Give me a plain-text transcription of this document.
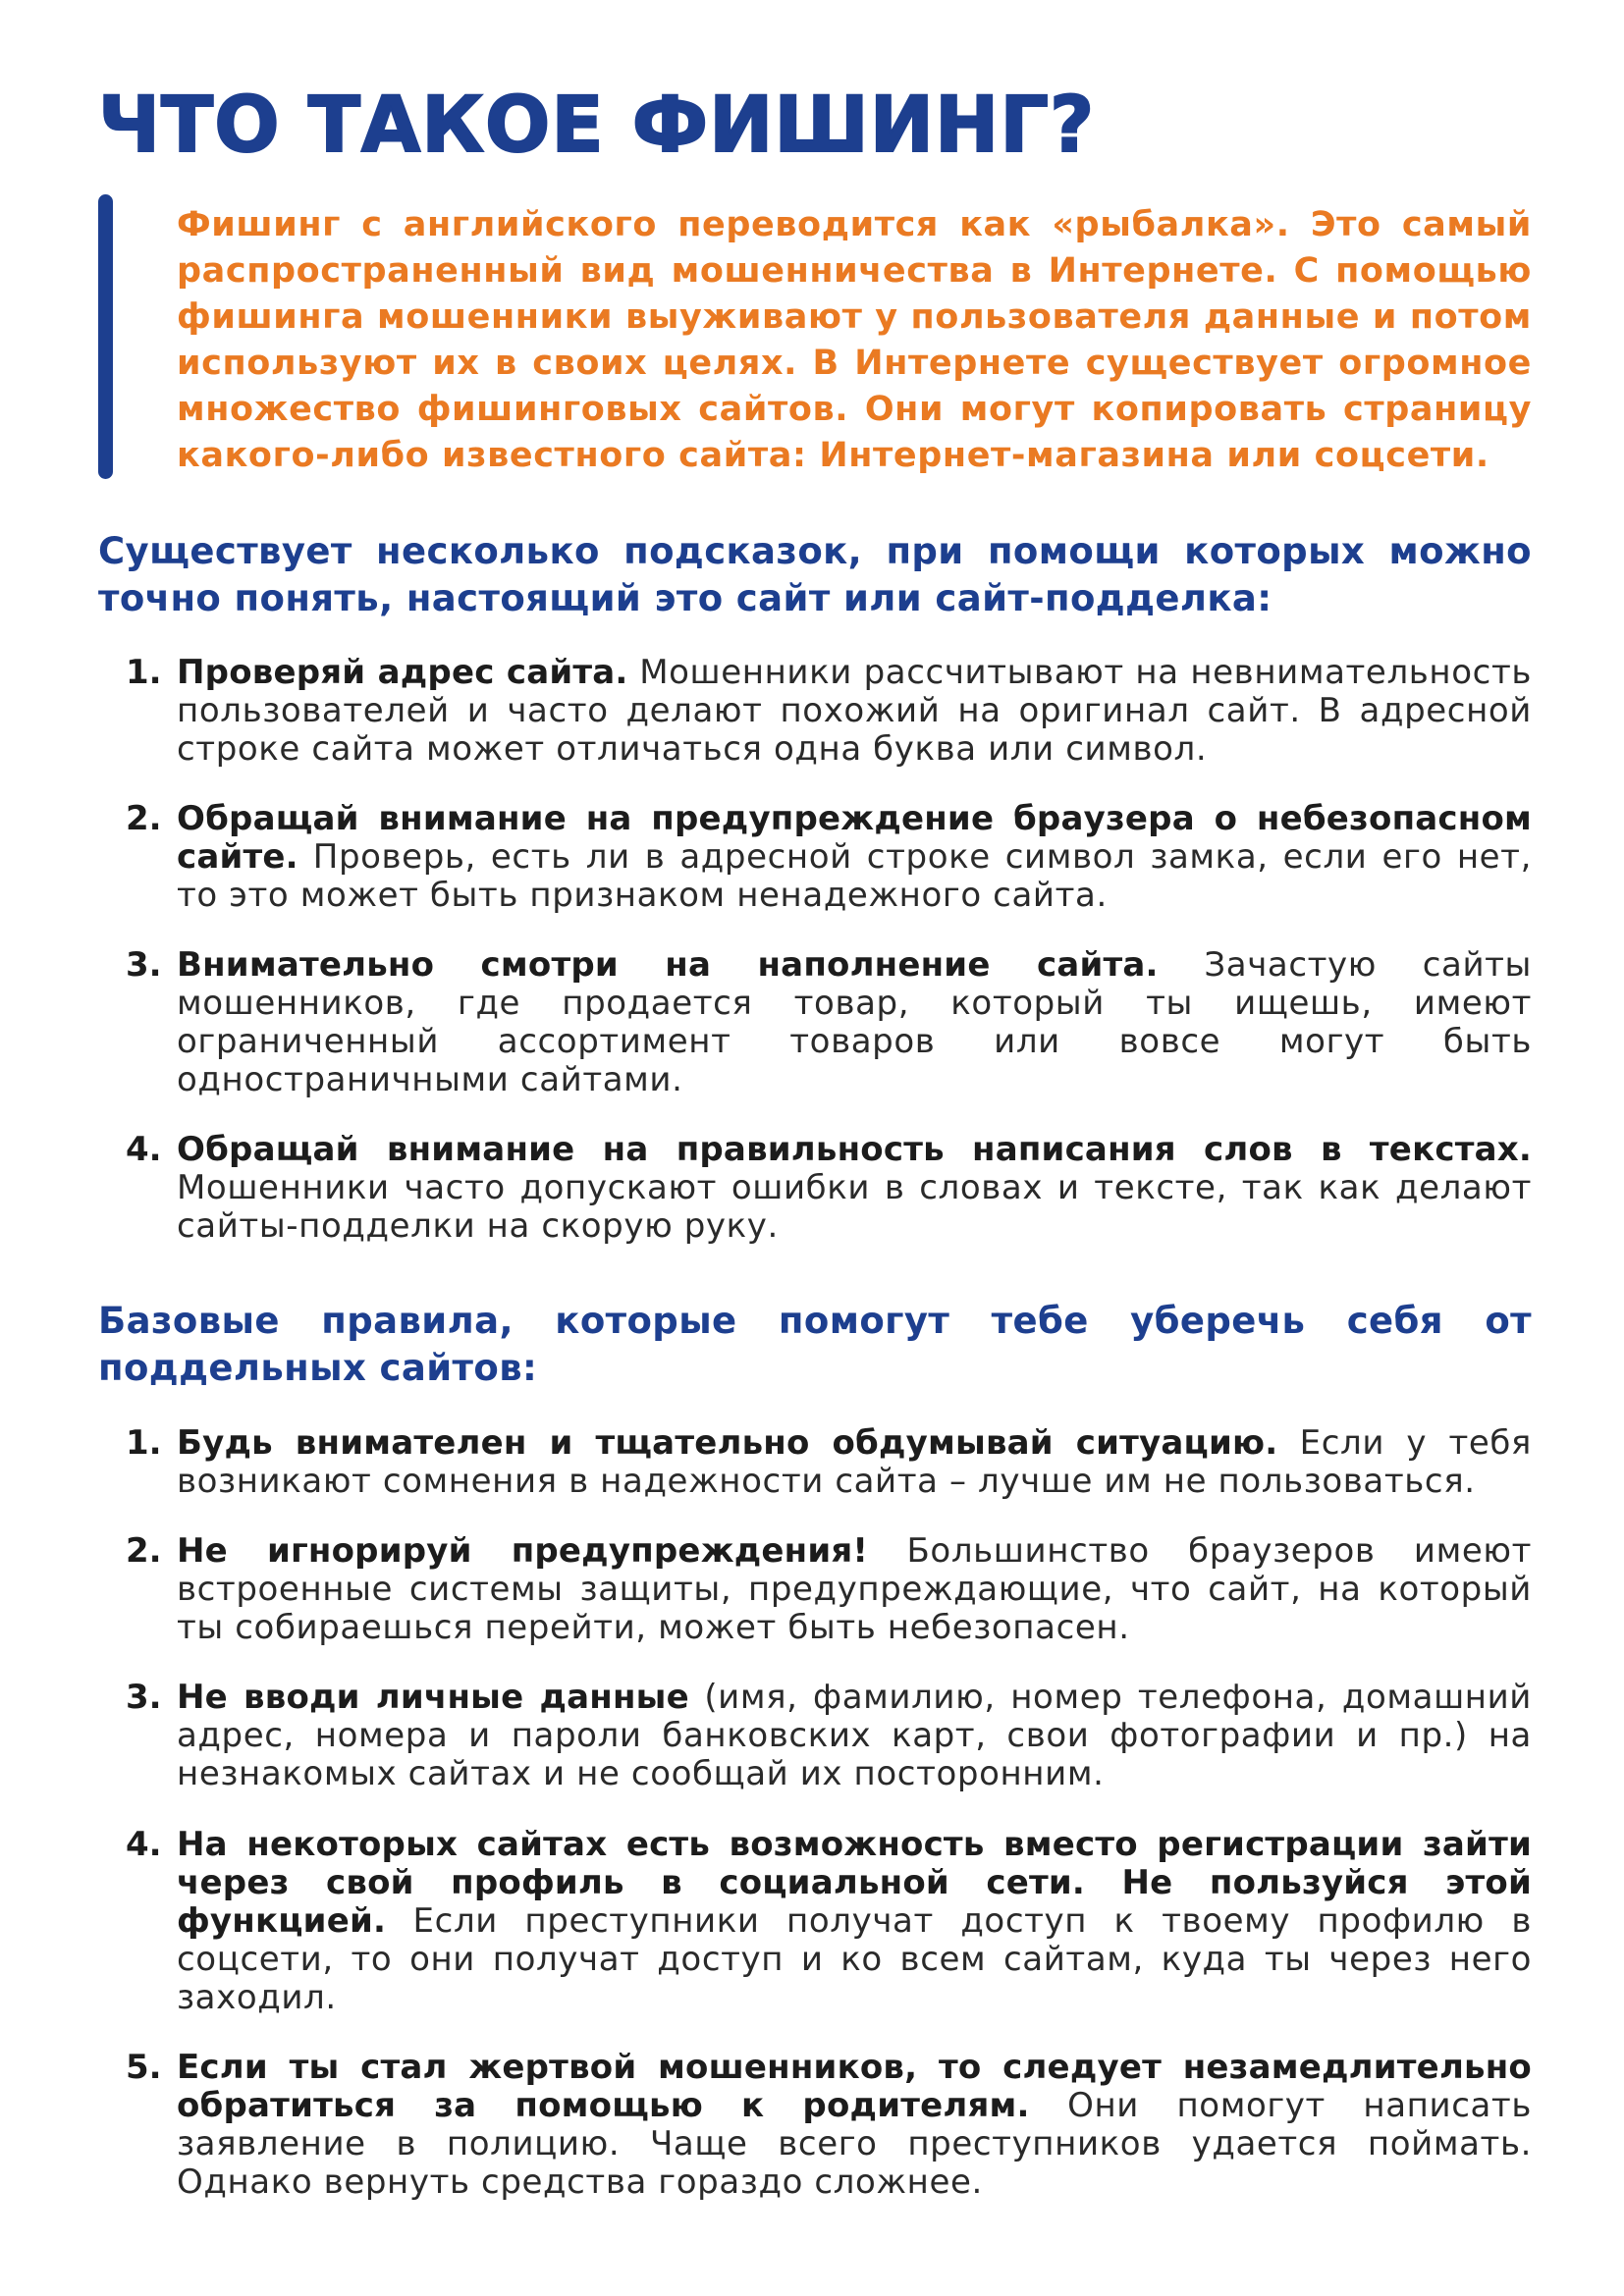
ЧТО ТАКОЕ ФИШИНГ?

Фишинг с английского переводится как «рыбалка». Это самый распространенный вид мошенничества в Интернете. С помощью фишинга мошенники выуживают у пользователя данные и потом используют их в своих целях. В Интернете существует огромное множество фишинговых сайтов. Они могут копировать страницу какого-либо известного сайта: Интернет-магазина или соцсети.

Существует несколько подсказок, при помощи которых можно точно понять, настоящий это сайт или сайт-подделка:
1. Проверяй адрес сайта. Мошенники рассчитывают на невнимательность пользователей и часто делают похожий на оригинал сайт. В адресной строке сайта может отличаться одна буква или символ.

2. Обращай внимание на предупреждение браузера о небезопасном сайте. Проверь, есть ли в адресной строке символ замка, если его нет, то это может быть признаком ненадежного сайта.

3. Внимательно смотри на наполнение сайта. Зачастую сайты мошенников, где продается товар, который ты ищешь, имеют ограниченный ассортимент товаров или вовсе могут быть одностраничными сайтами.

4. Обращай внимание на правильность написания слов в текстах. Мошенники часто допускают ошибки в словах и тексте, так как делают сайты-подделки на скорую руку.

Базовые правила, которые помогут тебе уберечь себя от поддельных сайтов:
1. Будь внимателен и тщательно обдумывай ситуацию. Если у тебя возникают сомнения в надежности сайта – лучше им не пользоваться.

2. Не игнорируй предупреждения! Большинство браузеров имеют встроенные системы защиты, предупреждающие, что сайт, на который ты собираешься перейти, может быть небезопасен.

3. Не вводи личные данные (имя, фамилию, номер телефона, домашний адрес, номера и пароли банковских карт, свои фотографии и пр.) на незнакомых сайтах и не сообщай их посторонним.

4. На некоторых сайтах есть возможность вместо регистрации зайти через свой профиль в социальной сети. Не пользуйся этой функцией. Если преступники получат доступ к твоему профилю в соцсети, то они получат доступ и ко всем сайтам, куда ты через него заходил.

5. Если ты стал жертвой мошенников, то следует незамедлительно обратиться за помощью к родителям. Они помогут написать заявление в полицию. Чаще всего преступников удается поймать. Однако вернуть средства гораздо сложнее.
